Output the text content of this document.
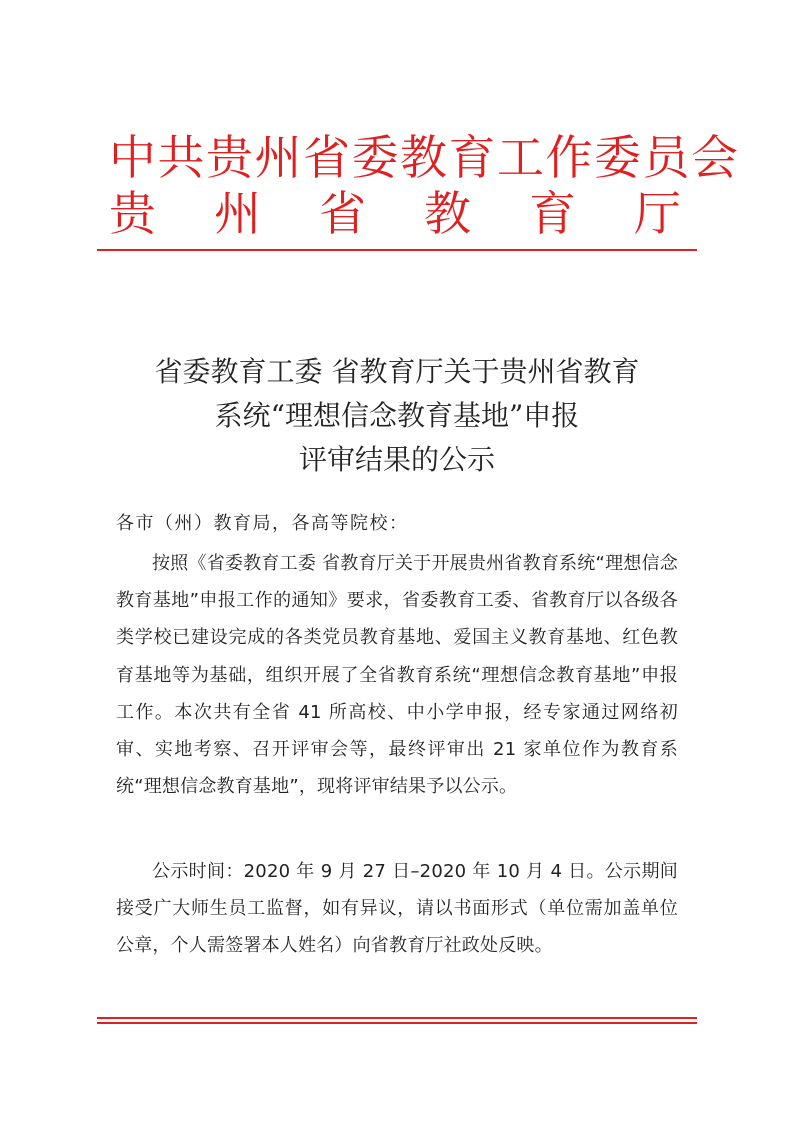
中共贵州省委教育工作委员会
贵 州 省 教 育 厅
省委教育工委 省教育厅关于贵州省教育
系统“理想信念教育基地”申报
评审结果的公示
各市（州）教育局，各高等院校：
按照《省委教育工委 省教育厅关于开展贵州省教育系统“理想信念教育基地”申报工作的通知》要求，省委教育工委、省教育厅以各级各类学校已建设完成的各类党员教育基地、爱国主义教育基地、红色教育基地等为基础，组织开展了全省教育系统“理想信念教育基地”申报工作。本次共有全省 41 所高校、中小学申报，经专家通过网络初审、实地考察、召开评审会等，最终评审出 21 家单位作为教育系统“理想信念教育基地”，现将评审结果予以公示。
公示时间：2020 年 9 月 27 日–2020 年 10 月 4 日。公示期间接受广大师生员工监督，如有异议，请以书面形式（单位需加盖单位公章，个人需签署本人姓名）向省教育厅社政处反映。
